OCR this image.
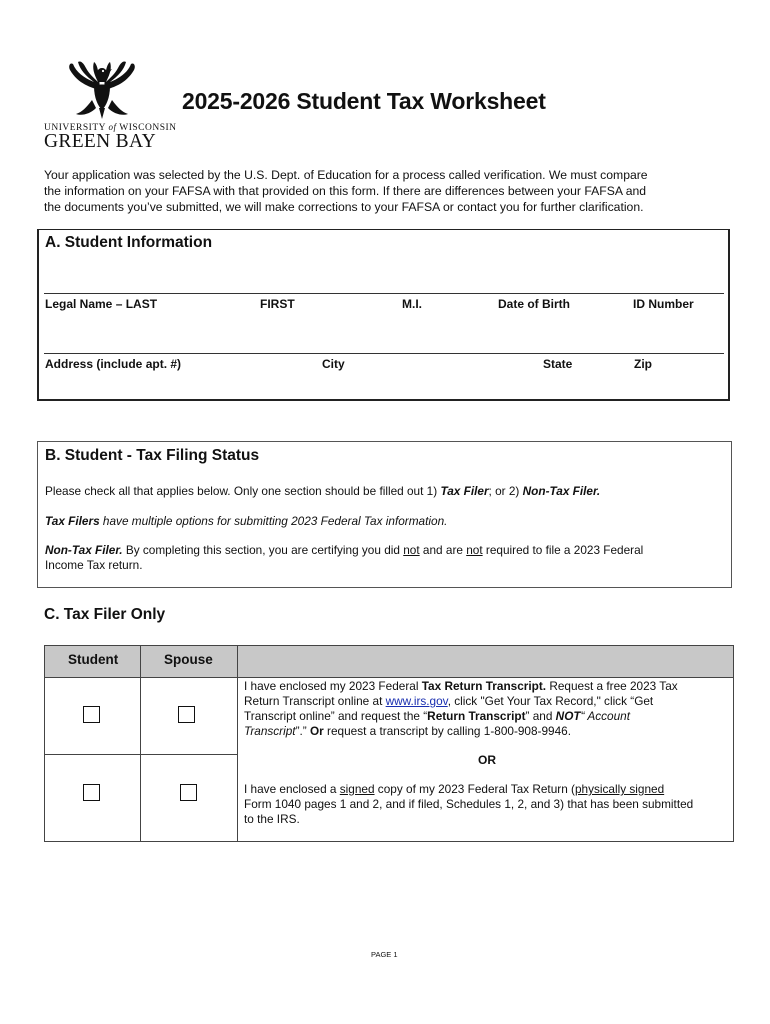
UNIVERSITY of WISCONSIN
GREEN BAY
2025-2026 Student Tax Worksheet

Your application was selected by the U.S. Dept. of Education for a process called verification. We must compare

the information on your FAFSA with that provided on this form. If there are differences between your FAFSA and

the documents you’ve submitted, we will make corrections to your FAFSA or contact you for further clarification.

A. Student Information
Legal Name – LAST	FIRST	M.I.	Date of Birth	ID Number
Address (include apt. #)	City	State	Zip
B. Student - Tax Filing Status
Please check all that applies below. Only one section should be filled out 1) Tax Filer; or 2) Non-Tax Filer.
Tax Filers have multiple options for submitting 2023 Federal Tax information.
Non-Tax Filer. By completing this section, you are certifying you did not and are not required to file a 2023 Federal
Income Tax return.
C. Tax Filer Only
Student	Spouse
I have enclosed my 2023 Federal Tax Return Transcript. Request a free 2023 Tax
Return Transcript online at www.irs.gov, click "Get Your Tax Record," click “Get
Transcript online” and request the “Return Transcript” and NOT“ Account
Transcript”.” Or request a transcript by calling 1-800-908-9946.
OR
I have enclosed a signed copy of my 2023 Federal Tax Return (physically signed
Form 1040 pages 1 and 2, and if filed, Schedules 1, 2, and 3) that has been submitted
to the IRS.
PAGE 1
